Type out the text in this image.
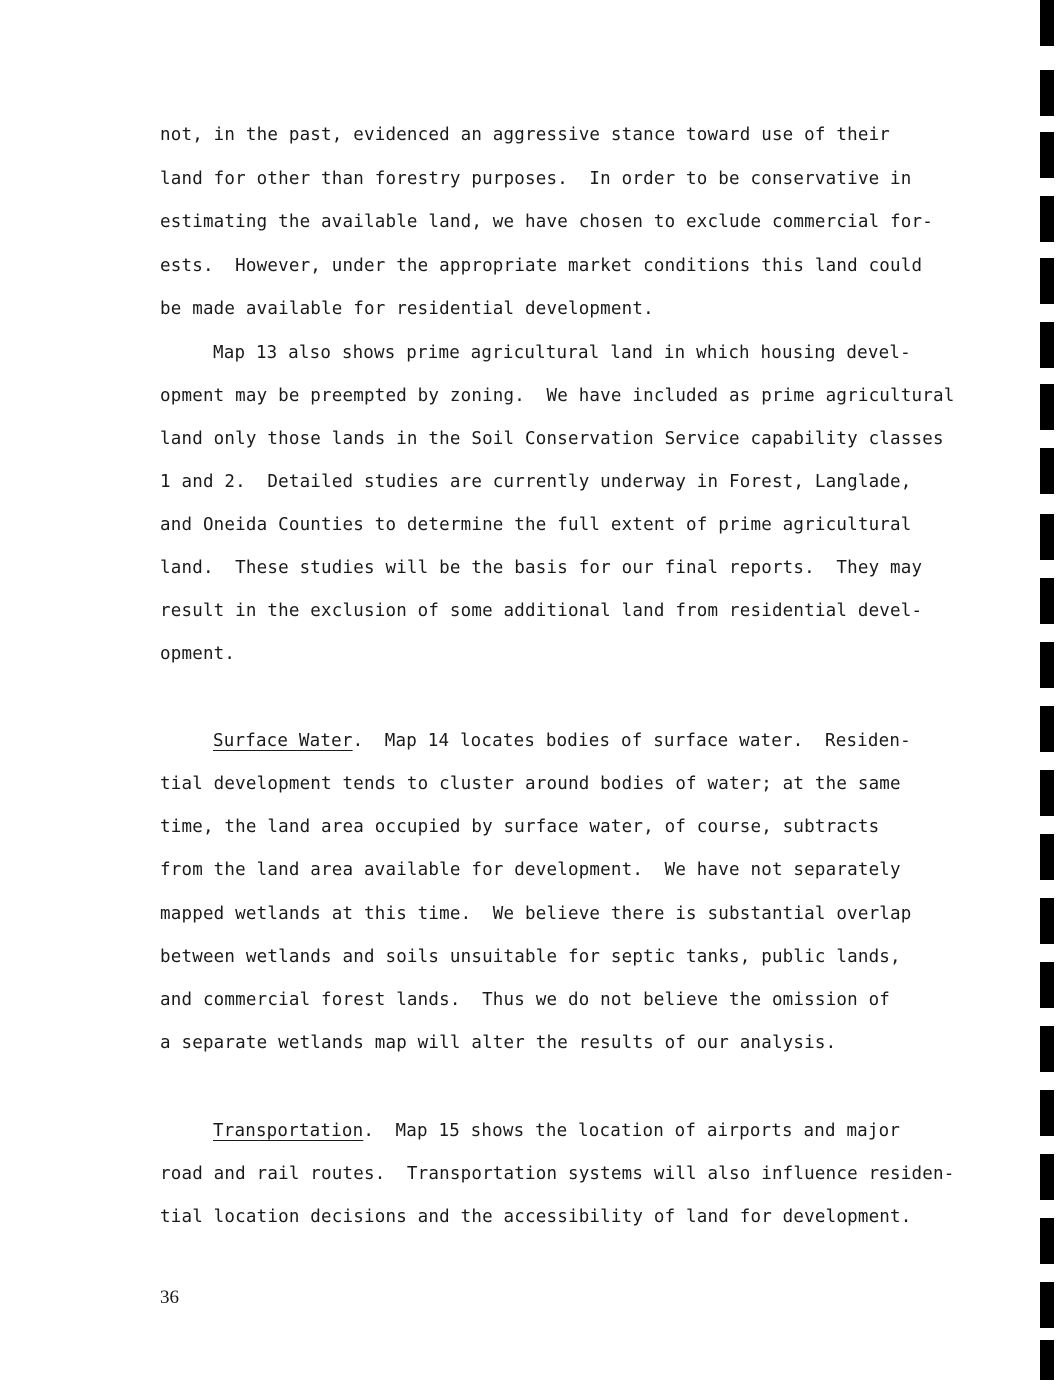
not, in the past, evidenced an aggressive stance toward use of their
land for other than forestry purposes.  In order to be conservative in
estimating the available land, we have chosen to exclude commercial for-
ests.  However, under the appropriate market conditions this land could
be made available for residential development.
Map 13 also shows prime agricultural land in which housing devel-
opment may be preempted by zoning.  We have included as prime agricultural
land only those lands in the Soil Conservation Service capability classes
1 and 2.  Detailed studies are currently underway in Forest, Langlade,
and Oneida Counties to determine the full extent of prime agricultural
land.  These studies will be the basis for our final reports.  They may
result in the exclusion of some additional land from residential devel-
opment.
Surface Water.  Map 14 locates bodies of surface water.  Residen-
tial development tends to cluster around bodies of water; at the same
time, the land area occupied by surface water, of course, subtracts
from the land area available for development.  We have not separately
mapped wetlands at this time.  We believe there is substantial overlap
between wetlands and soils unsuitable for septic tanks, public lands,
and commercial forest lands.  Thus we do not believe the omission of
a separate wetlands map will alter the results of our analysis.
Transportation.  Map 15 shows the location of airports and major
road and rail routes.  Transportation systems will also influence residen-
tial location decisions and the accessibility of land for development.
36
